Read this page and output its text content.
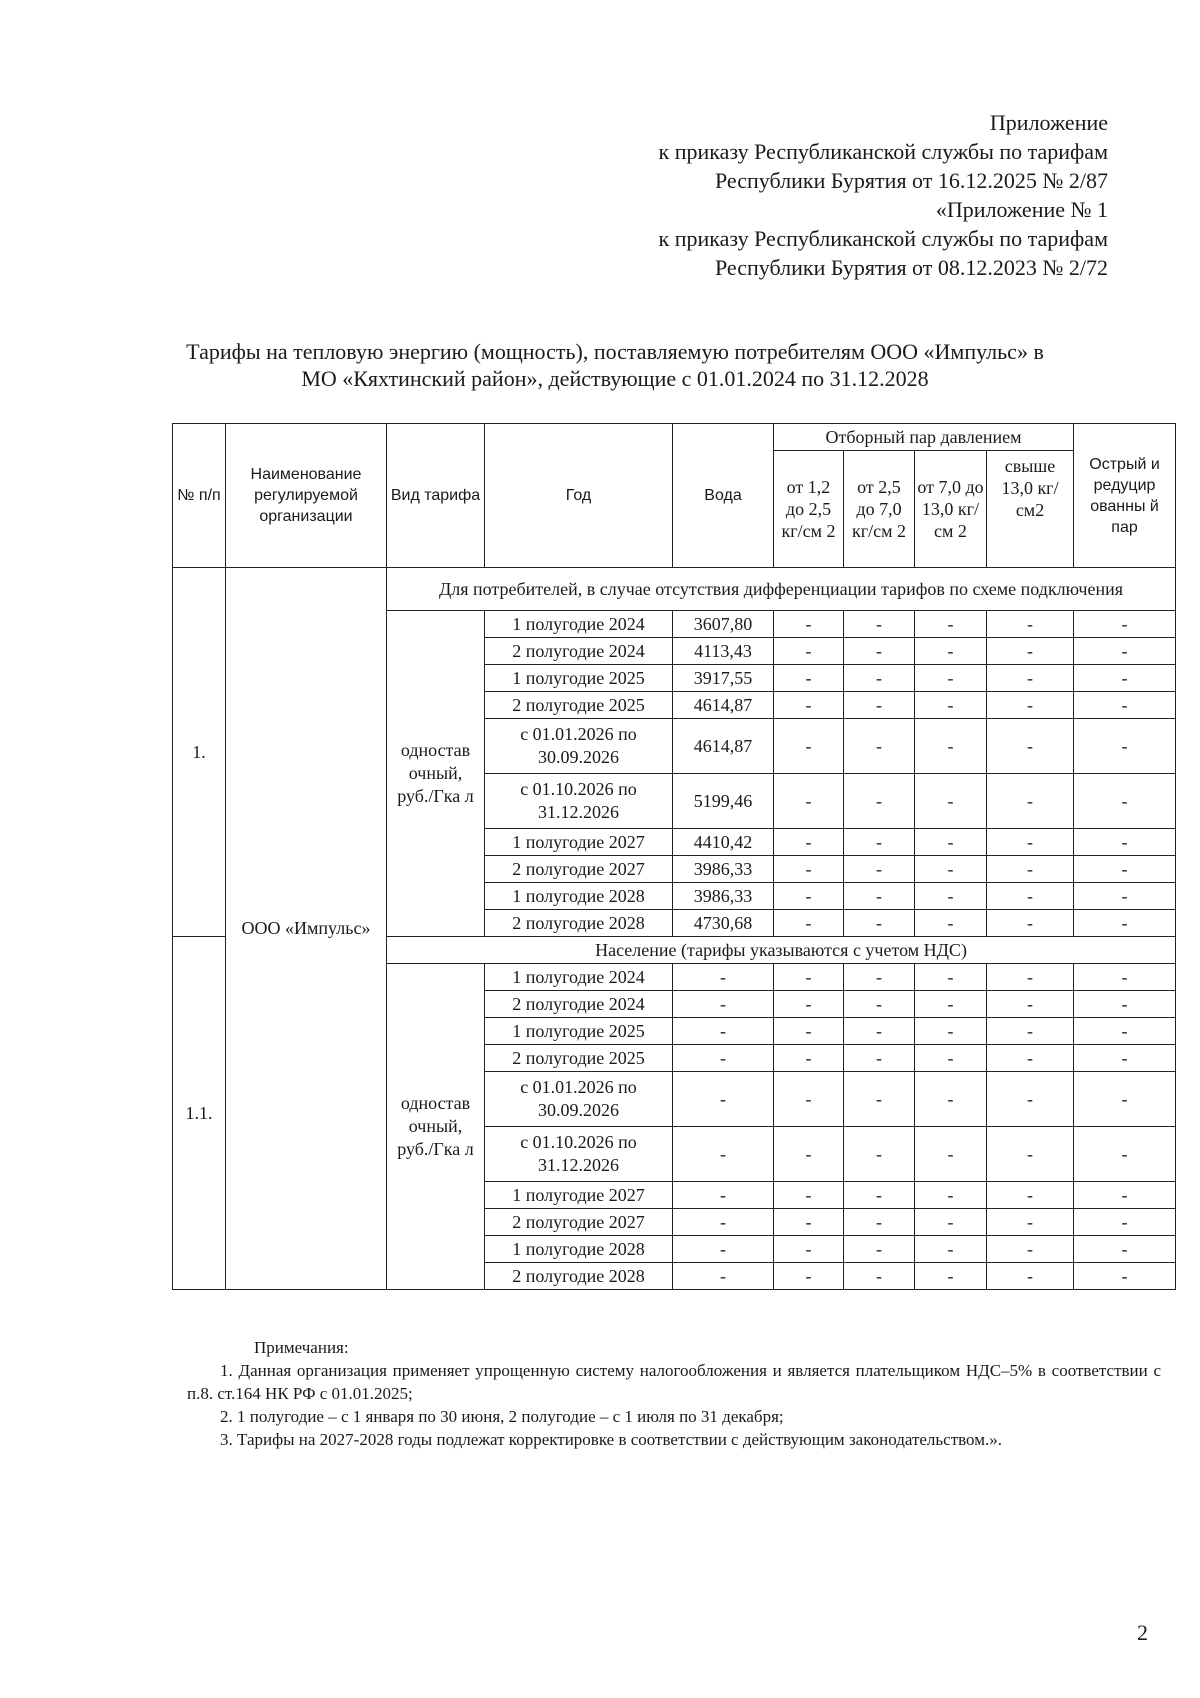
Приложение
к приказу Республиканской службы по тарифам
Республики Бурятия от 16.12.2025 № 2/87
«Приложение № 1
к приказу Республиканской службы по тарифам
Республики Бурятия от 08.12.2023 № 2/72
Тарифы на тепловую энергию (мощность), поставляемую потребителям ООО «Импульс» в
МО «Кяхтинский район», действующие с 01.01.2024 по 31.12.2028
№ п/п	Наименование регулируемой организации	Вид тарифа	Год	Вода	Отборный пар давлением				Острый и редуцир ованны й пар
					от 1,2 до 2,5 кг/см 2	от 2,5 до 7,0 кг/см 2	от 7,0 до 13,0 кг/см 2	свыше 13,0 кг/см2	
1.	ООО «Импульс»	Для потребителей, в случае отсутствия дифференциации тарифов по схеме подключения							
		одностав очный, руб./Гка л	1 полугодие 2024	3607,80	-	-	-	-	-
			2 полугодие 2024	4113,43	-	-	-	-	-
			1 полугодие 2025	3917,55	-	-	-	-	-
			2 полугодие 2025	4614,87	-	-	-	-	-
			с 01.01.2026 по 30.09.2026	4614,87	-	-	-	-	-
			с 01.10.2026 по 31.12.2026	5199,46	-	-	-	-	-
			1 полугодие 2027	4410,42	-	-	-	-	-
			2 полугодие 2027	3986,33	-	-	-	-	-
			1 полугодие 2028	3986,33	-	-	-	-	-
			2 полугодие 2028	4730,68	-	-	-	-	-
1.1.		Население (тарифы указываются с учетом НДС)							
		одностав очный, руб./Гка л	1 полугодие 2024	-	-	-	-	-	-
			2 полугодие 2024	-	-	-	-	-	-
			1 полугодие 2025	-	-	-	-	-	-
			2 полугодие 2025	-	-	-	-	-	-
			с 01.01.2026 по 30.09.2026	-	-	-	-	-	-
			с 01.10.2026 по 31.12.2026	-	-	-	-	-	-
			1 полугодие 2027	-	-	-	-	-	-
			2 полугодие 2027	-	-	-	-	-	-
			1 полугодие 2028	-	-	-	-	-	-
			2 полугодие 2028	-	-	-	-	-	-
Примечания:

1. Данная организация применяет упрощенную систему налогообложения и является плательщиком НДС–5% в соответствии с п.8. ст.164 НК РФ с 01.01.2025;

2. 1 полугодие – с 1 января по 30 июня, 2 полугодие – с 1 июля по 31 декабря;

3. Тарифы на 2027-2028 годы подлежат корректировке в соответствии с действующим законодательством.».

2
